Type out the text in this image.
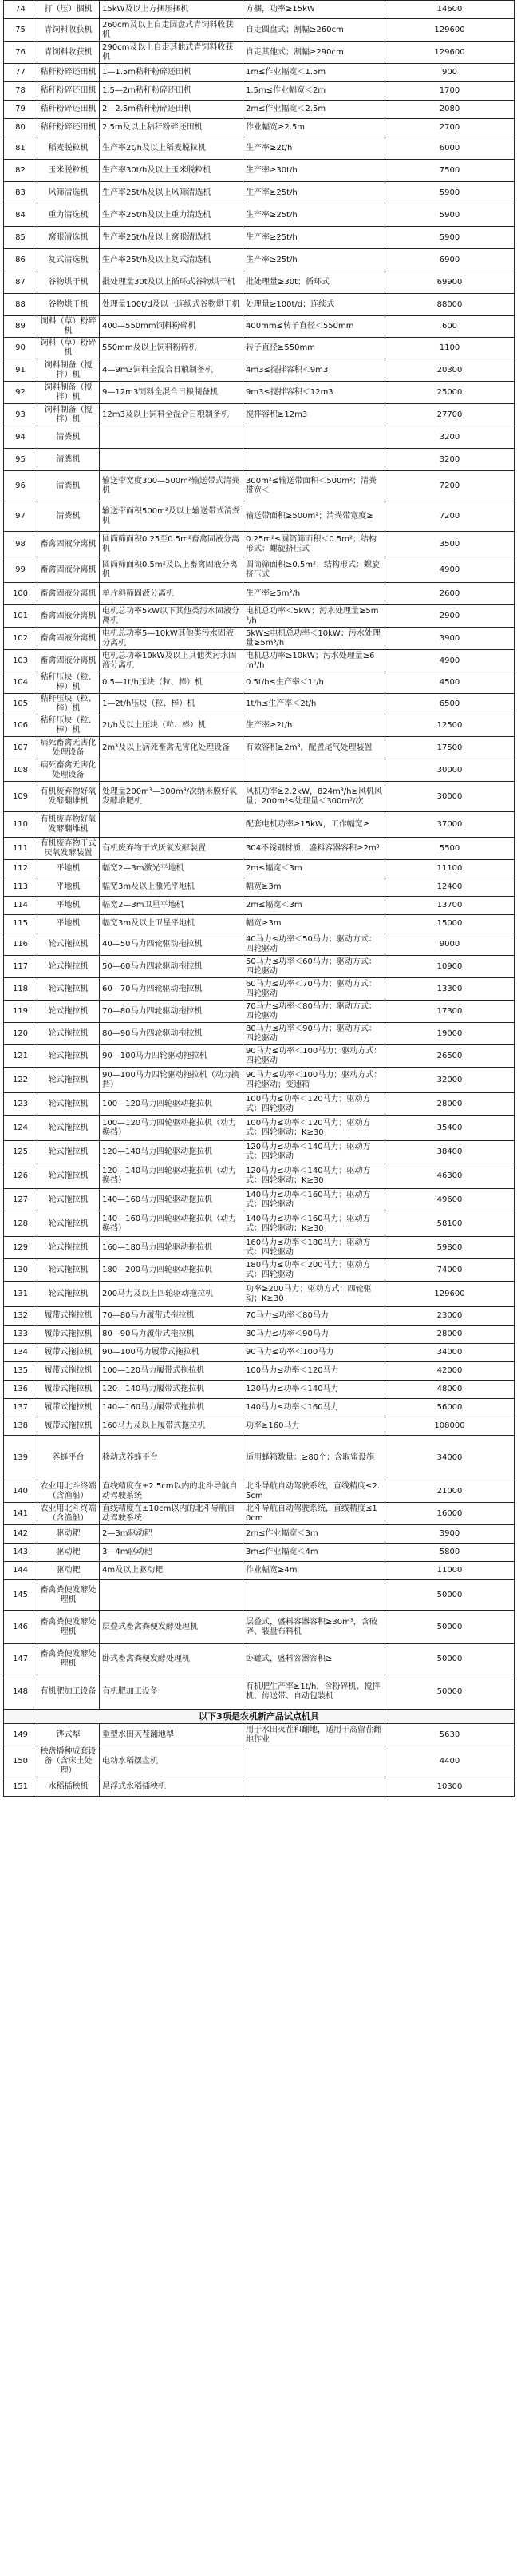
74	打（压）捆机	15kW及以上方捆压捆机	方捆，功率≥15kW	14600
75	青饲料收获机	260cm及以上自走圆盘式青饲料收获机	自走圆盘式；割幅≥260cm	129600
76	青饲料收获机	290cm及以上自走其他式青饲料收获机	自走其他式；割幅≥290cm	129600
77	秸秆粉碎还田机	1—1.5m秸秆粉碎还田机	1m≤作业幅宽＜1.5m	900
78	秸秆粉碎还田机	1.5—2m秸秆粉碎还田机	1.5m≤作业幅宽＜2m	1700
79	秸秆粉碎还田机	2—2.5m秸秆粉碎还田机	2m≤作业幅宽＜2.5m	2080
80	秸秆粉碎还田机	2.5m及以上秸秆粉碎还田机	作业幅宽≥2.5m	2700
81	稻麦脱粒机	生产率2t/h及以上稻麦脱粒机	生产率≥2t/h	6000
82	玉米脱粒机	生产率30t/h及以上玉米脱粒机	生产率≥30t/h	7500
83	风筛清选机	生产率25t/h及以上风筛清选机	生产率≥25t/h	5900
84	重力清选机	生产率25t/h及以上重力清选机	生产率≥25t/h	5900
85	窝眼清选机	生产率25t/h及以上窝眼清选机	生产率≥25t/h	5900
86	复式清选机	生产率25t/h及以上复式清选机	生产率≥25t/h	6900
87	谷物烘干机	批处理量30t及以上循环式谷物烘干机	批处理量≥30t；循环式	69900
88	谷物烘干机	处理量100t/d及以上连续式谷物烘干机	处理量≥100t/d；连续式	88000
89	饲料（草）粉碎机	400—550mm饲料粉碎机	400mm≤转子直径＜550mm	600
90	饲料（草）粉碎机	550mm及以上饲料粉碎机	转子直径≥550mm	1100
91	饲料制备（搅拌）机	4—9m3饲料全混合日粮制备机	4m3≤搅拌容积＜9m3	20300
92	饲料制备（搅拌）机	9—12m3饲料全混合日粮制备机	9m3≤搅拌容积＜12m3	25000
93	饲料制备（搅拌）机	12m3及以上饲料全混合日粮制备机	搅拌容积≥12m3	27700
94	清粪机			3200
95	清粪机			3200
96	清粪机	输送带宽度300—500m²输送带式清粪机	300m²≤输送带面积＜500m²；清粪带宽＜	7200
97	清粪机	输送带面积500m²及以上输送带式清粪机	输送带面积≥500m²；清粪带宽度≥	7200
98	畜禽固液分离机	圆筒筛面积0.25至0.5m²畜禽固液分离机	0.25m²≤圆筒筛面积＜0.5m²；结构形式：螺旋挤压式	3500
99	畜禽固液分离机	圆筒筛面积0.5m²及以上畜禽固液分离机	圆筒筛面积≥0.5m²；结构形式：螺旋挤压式	4900
100	畜禽固液分离机	单片斜筛固液分离机	生产率≥5m³/h	2600
101	畜禽固液分离机	电机总功率5kW以下其他类污水固液分离机	电机总功率＜5kW；污水处理量≥5m³/h	2900
102	畜禽固液分离机	电机总功率5—10kW其他类污水固液分离机	5kW≤电机总功率＜10kW；污水处理量≥5m³/h	3900
103	畜禽固液分离机	电机总功率10kW及以上其他类污水固液分离机	电机总功率≥10kW；污水处理量≥6m³/h	4900
104	秸秆压块（粒、棒）机	0.5—1t/h压块（粒、棒）机	0.5t/h≤生产率＜1t/h	4500
105	秸秆压块（粒、棒）机	1—2t/h压块（粒、棒）机	1t/h≤生产率＜2t/h	6500
106	秸秆压块（粒、棒）机	2t/h及以上压块（粒、棒）机	生产率≥2t/h	12500
107	病死畜禽无害化处理设备	2m³及以上病死畜禽无害化处理设备	有效容积≥2m³，配置尾气处理装置	17500
108	病死畜禽无害化处理设备			30000
109	有机废弃物好氧发酵翻堆机	处理量200m³—300m³/次纳米膜好氧发酵堆肥机	风机功率≥2.2kW，824m³/h≥风机风量；200m³≤处理量＜300m³/次	30000
110	有机废弃物好氧发酵翻堆机		配套电机功率≥15kW，工作幅宽≥	37000
111	有机废弃物干式厌氧发酵装置	有机废弃物干式厌氧发酵装置	304不锈钢材质，盛料容器容积≥2m³	5500
112	平地机	幅宽2—3m激光平地机	2m≤幅宽＜3m	11100
113	平地机	幅宽3m及以上激光平地机	幅宽≥3m	12400
114	平地机	幅宽2—3m卫星平地机	2m≤幅宽＜3m	13700
115	平地机	幅宽3m及以上卫星平地机	幅宽≥3m	15000
116	轮式拖拉机	40—50马力四轮驱动拖拉机	40马力≤功率＜50马力；驱动方式：四轮驱动	9000
117	轮式拖拉机	50—60马力四轮驱动拖拉机	50马力≤功率＜60马力；驱动方式：四轮驱动	10900
118	轮式拖拉机	60—70马力四轮驱动拖拉机	60马力≤功率＜70马力；驱动方式：四轮驱动	13300
119	轮式拖拉机	70—80马力四轮驱动拖拉机	70马力≤功率＜80马力；驱动方式：四轮驱动	17300
120	轮式拖拉机	80—90马力四轮驱动拖拉机	80马力≤功率＜90马力；驱动方式：四轮驱动	19000
121	轮式拖拉机	90—100马力四轮驱动拖拉机	90马力≤功率＜100马力；驱动方式：四轮驱动	26500
122	轮式拖拉机	90—100马力四轮驱动拖拉机（动力换挡）	90马力≤功率＜100马力；驱动方式：四轮驱动；变速箱	32000
123	轮式拖拉机	100—120马力四轮驱动拖拉机	100马力≤功率＜120马力；驱动方式：四轮驱动	28000
124	轮式拖拉机	100—120马力四轮驱动拖拉机（动力换挡）	100马力≤功率＜120马力；驱动方式：四轮驱动；K≥30	35400
125	轮式拖拉机	120—140马力四轮驱动拖拉机	120马力≤功率＜140马力；驱动方式：四轮驱动	38400
126	轮式拖拉机	120—140马力四轮驱动拖拉机（动力换挡）	120马力≤功率＜140马力；驱动方式：四轮驱动；K≥30	46300
127	轮式拖拉机	140—160马力四轮驱动拖拉机	140马力≤功率＜160马力；驱动方式：四轮驱动	49600
128	轮式拖拉机	140—160马力四轮驱动拖拉机（动力换挡）	140马力≤功率＜160马力；驱动方式：四轮驱动；K≥30	58100
129	轮式拖拉机	160—180马力四轮驱动拖拉机	160马力≤功率＜180马力；驱动方式：四轮驱动	59800
130	轮式拖拉机	180—200马力四轮驱动拖拉机	180马力≤功率＜200马力；驱动方式：四轮驱动	74000
131	轮式拖拉机	200马力及以上四轮驱动拖拉机	功率≥200马力；驱动方式：四轮驱动；K≥30	129600
132	履带式拖拉机	70—80马力履带式拖拉机	70马力≤功率＜80马力	23000
133	履带式拖拉机	80—90马力履带式拖拉机	80马力≤功率＜90马力	28000
134	履带式拖拉机	90—100马力履带式拖拉机	90马力≤功率＜100马力	34000
135	履带式拖拉机	100—120马力履带式拖拉机	100马力≤功率＜120马力	42000
136	履带式拖拉机	120—140马力履带式拖拉机	120马力≤功率＜140马力	48000
137	履带式拖拉机	140—160马力履带式拖拉机	140马力≤功率＜160马力	56000
138	履带式拖拉机	160马力及以上履带式拖拉机	功率≥160马力	108000
139	养蜂平台	移动式养蜂平台	适用蜂箱数量：≥80个；含取蜜设施	34000
140	农业用北斗终端（含渔船）	直线精度在±2.5cm以内的北斗导航自动驾驶系统	北斗导航自动驾驶系统，直线精度≤2.5cm	21000
141	农业用北斗终端（含渔船）	直线精度在±10cm以内的北斗导航自动驾驶系统	北斗导航自动驾驶系统，直线精度≤10cm	16000
142	驱动耙	2—3m驱动耙	2m≤作业幅宽＜3m	3900
143	驱动耙	3—4m驱动耙	3m≤作业幅宽＜4m	5800
144	驱动耙	4m及以上驱动耙	作业幅宽≥4m	11000
145	畜禽粪便发酵处理机			50000
146	畜禽粪便发酵处理机	层叠式畜禽粪便发酵处理机	层叠式，盛料容器容积≥30m³，含破碎、装盘布料机	50000
147	畜禽粪便发酵处理机	卧式畜禽粪便发酵处理机	卧罐式，盛料容器容积≥	50000
148	有机肥加工设备	有机肥加工设备	有机肥生产率≥1t/h，含粉碎机、搅拌机、传送带、自动包装机	50000
以下3项是农机新产品试点机具				
149	铧式犁	重型水田灭茬翻地犁	用于水田灭茬和翻地，适用于高留茬翻地作业	5630
150	秧盘播种成套设备（含床土处理）	电动水稻摆盘机		4400
151	水稻插秧机	悬浮式水稻插秧机		10300
